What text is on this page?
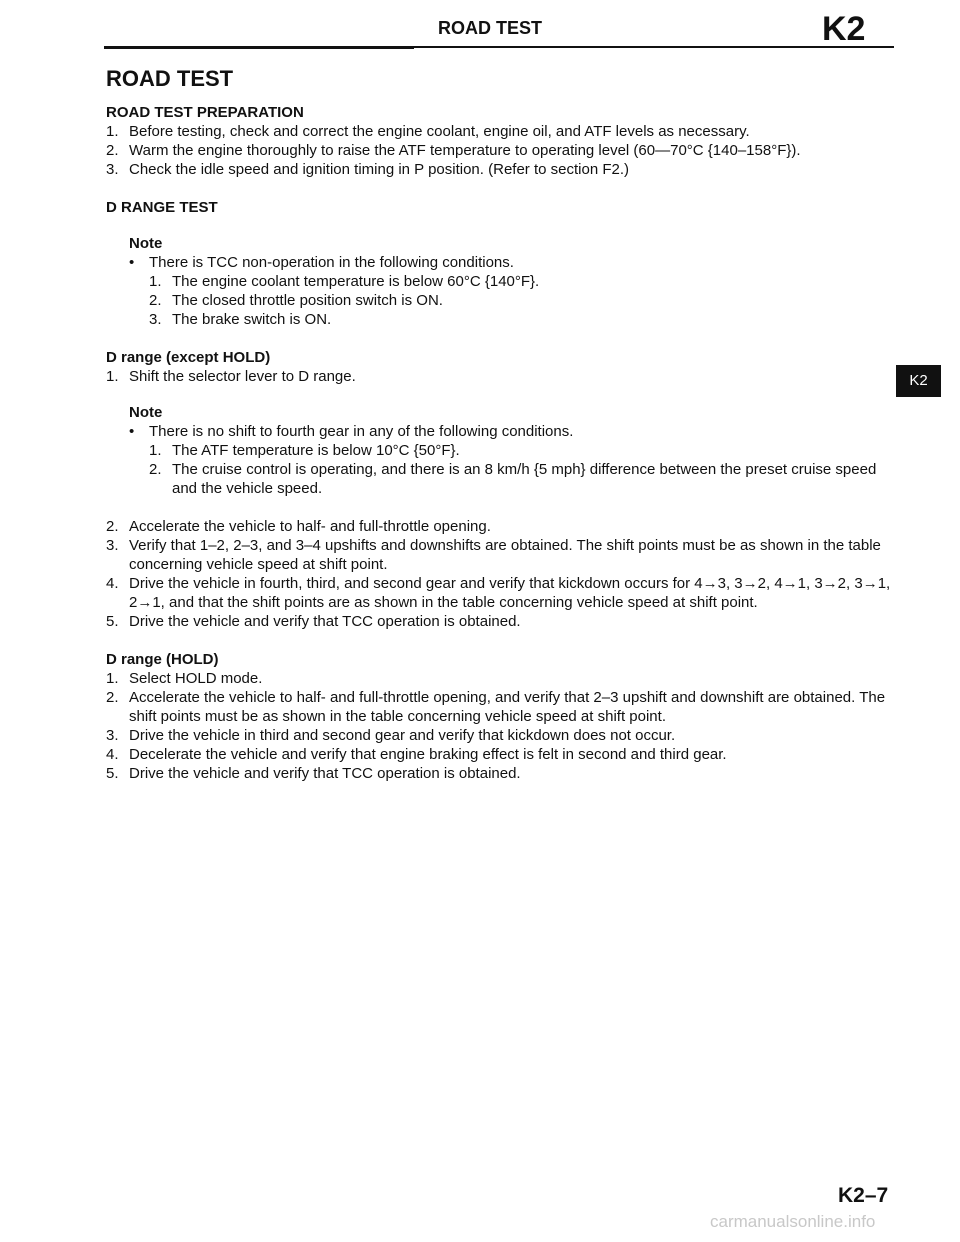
ROAD TEST	K2
ROAD TEST
ROAD TEST PREPARATION
1. Before testing, check and correct the engine coolant, engine oil, and ATF levels as necessary.
2. Warm the engine thoroughly to raise the ATF temperature to operating level (60—70°C {140–158°F}).
3. Check the idle speed and ignition timing in P position. (Refer to section F2.)
D RANGE TEST
Note
• There is TCC non-operation in the following conditions.
1. The engine coolant temperature is below 60°C {140°F}.
2. The closed throttle position switch is ON.
3. The brake switch is ON.
D range (except HOLD)
1. Shift the selector lever to D range.
Note
• There is no shift to fourth gear in any of the following conditions.
1. The ATF temperature is below 10°C {50°F}.
2. The cruise control is operating, and there is an 8 km/h {5 mph} difference between the preset cruise speed and the vehicle speed.
2. Accelerate the vehicle to half- and full-throttle opening.
3. Verify that 1–2, 2–3, and 3–4 upshifts and downshifts are obtained. The shift points must be as shown in the table concerning vehicle speed at shift point.
4. Drive the vehicle in fourth, third, and second gear and verify that kickdown occurs for 4→3, 3→2, 4→1, 3→2, 3→1, 2→1, and that the shift points are as shown in the table concerning vehicle speed at shift point.
5. Drive the vehicle and verify that TCC operation is obtained.
D range (HOLD)
1. Select HOLD mode.
2. Accelerate the vehicle to half- and full-throttle opening, and verify that 2–3 upshift and downshift are obtained. The shift points must be as shown in the table concerning vehicle speed at shift point.
3. Drive the vehicle in third and second gear and verify that kickdown does not occur.
4. Decelerate the vehicle and verify that engine braking effect is felt in second and third gear.
5. Drive the vehicle and verify that TCC operation is obtained.
K2
K2–7
carmanualsonline.info
